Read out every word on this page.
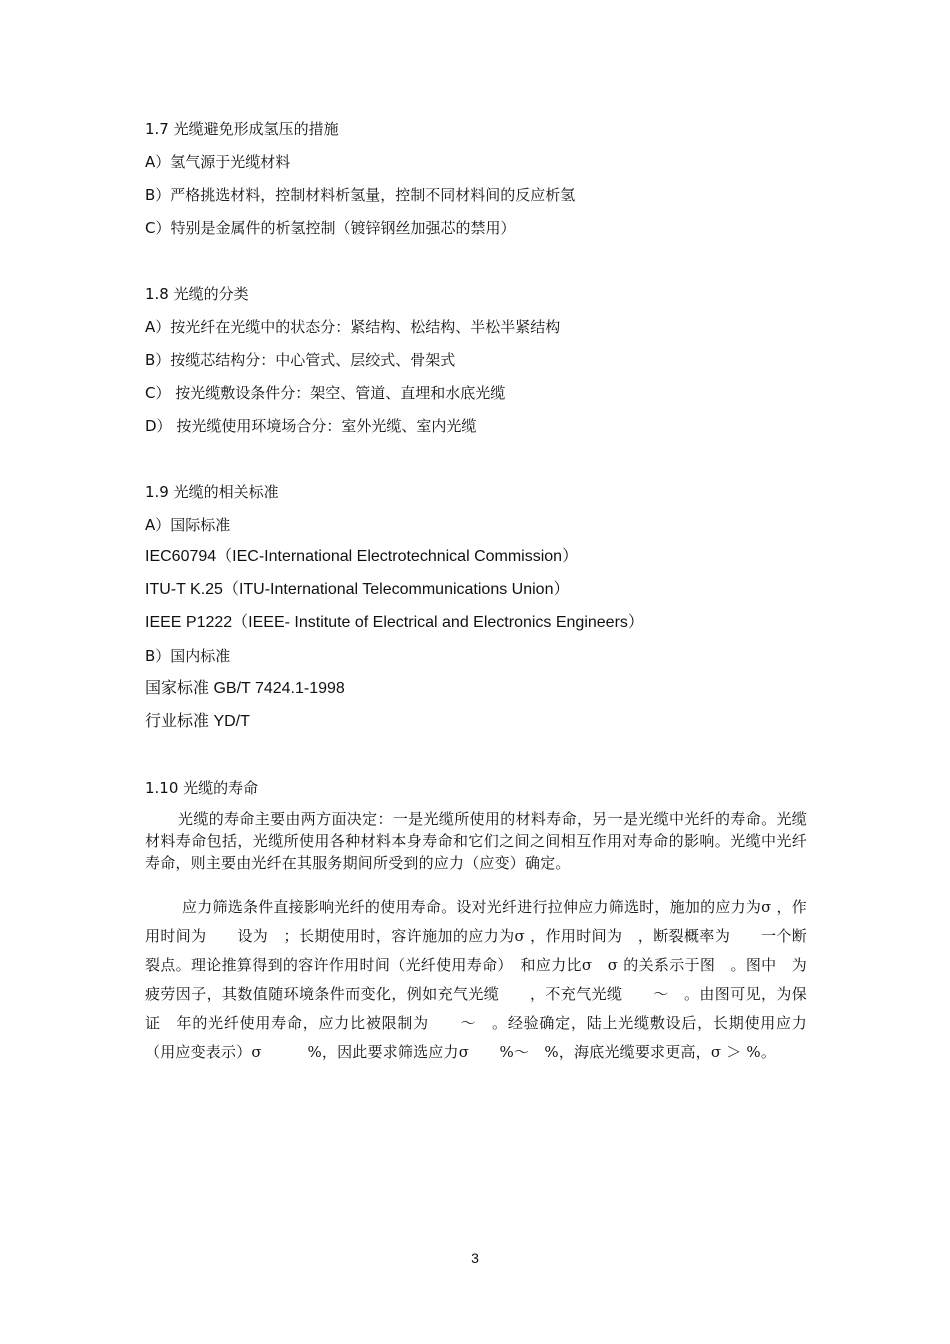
1.7 光缆避免形成氢压的措施
A）氢气源于光缆材料
B）严格挑选材料，控制材料析氢量，控制不同材料间的反应析氢
C）特别是金属件的析氢控制（镀锌钢丝加强芯的禁用）
1.8 光缆的分类
A）按光纤在光缆中的状态分：紧结构、松结构、半松半紧结构
B）按缆芯结构分：中心管式、层绞式、骨架式
C） 按光缆敷设条件分：架空、管道、直埋和水底光缆
D） 按光缆使用环境场合分：室外光缆、室内光缆
1.9 光缆的相关标准
A）国际标准
IEC60794（IEC-International Electrotechnical Commission）
ITU-T K.25（ITU-International Telecommunications Union）
IEEE P1222（IEEE- Institute of Electrical and Electronics Engineers）
B）国内标准
国家标准 GB/T 7424.1-1998
行业标准 YD/T
1.10 光缆的寿命
光缆的寿命主要由两方面决定：一是光缆所使用的材料寿命，另一是光缆中光纤的寿命。光缆材料寿命包括，光缆所使用各种材料本身寿命和它们之间之间相互作用对寿命的影响。光缆中光纤寿命，则主要由光纤在其服务期间所受到的应力（应变）确定。
应力筛选条件直接影响光纤的使用寿命。设对光纤进行拉伸应力筛选时，施加的应力为σ ，作用时间为　　设为　；长期使用时，容许施加的应力为σ ，作用时间为　，断裂概率为　　一个断裂点。理论推算得到的容许作用时间（光纤使用寿命）　和应力比σ　σ 的关系示于图　。图中　为疲劳因子，其数值随环境条件而变化，例如充气光缆　　，不充气光缆　　～　。由图可见，为保证　年的光纤使用寿命，应力比被限制为　　～　。经验确定，陆上光缆敷设后，长期使用应力（用应变表示）σ　　　%，因此要求筛选应力σ　　%～　%，海底光缆要求更高，σ ＞ %。
3
